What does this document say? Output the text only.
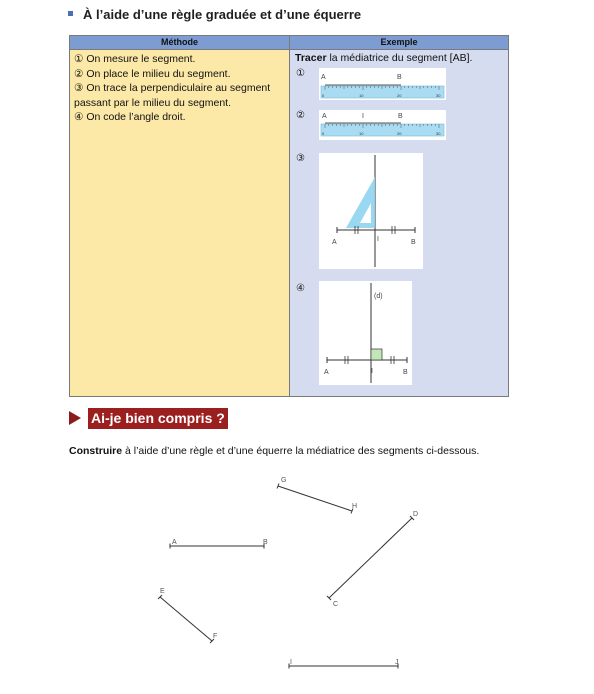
À l’aide d’une règle graduée et d’une équerre
Méthode
① On mesure le segment.
② On place le milieu du segment.
③ On trace la perpendiculaire au segment passant par le milieu du segment.
④ On code l’angle droit.
Exemple
Tracer la médiatrice du segment [AB].
①
②
③
④
A	B
0	10	20	30
A	I	B
0	10	20	30
A	I	B
(d)
A	I	B
Ai-je bien compris ?
Construire à l’aide d’une règle et d’une équerre la médiatrice des segments ci-dessous.
A	B
C
D
E
F
G
H
I	J
